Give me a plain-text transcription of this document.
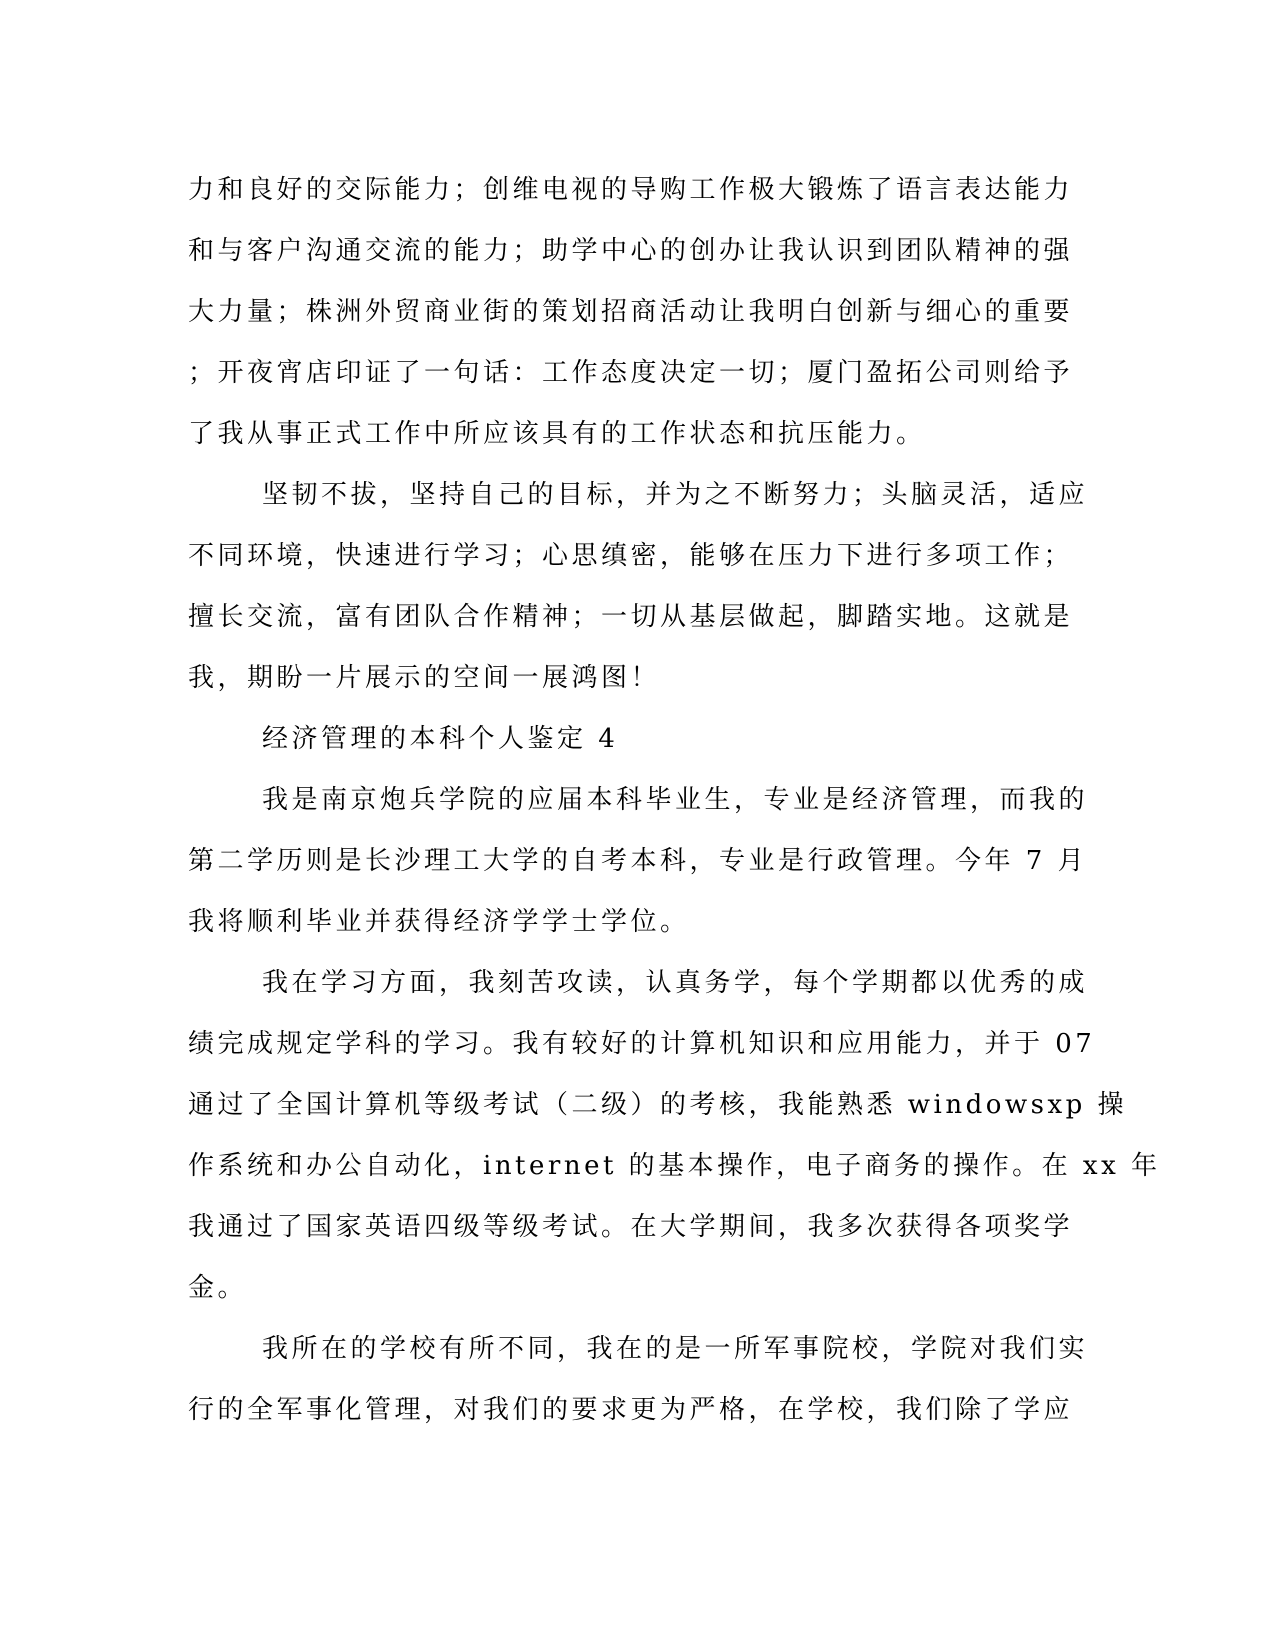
力和良好的交际能力；创维电视的导购工作极大锻炼了语言表达能力
和与客户沟通交流的能力；助学中心的创办让我认识到团队精神的强
大力量；株洲外贸商业街的策划招商活动让我明白创新与细心的重要
；开夜宵店印证了一句话：工作态度决定一切；厦门盈拓公司则给予
了我从事正式工作中所应该具有的工作状态和抗压能力。
坚韧不拔，坚持自己的目标，并为之不断努力；头脑灵活，适应
不同环境，快速进行学习；心思缜密，能够在压力下进行多项工作；
擅长交流，富有团队合作精神；一切从基层做起，脚踏实地。这就是
我，期盼一片展示的空间一展鸿图！
经济管理的本科个人鉴定 4
我是南京炮兵学院的应届本科毕业生，专业是经济管理，而我的
第二学历则是长沙理工大学的自考本科，专业是行政管理。今年 7 月
我将顺利毕业并获得经济学学士学位。
我在学习方面，我刻苦攻读，认真务学，每个学期都以优秀的成
绩完成规定学科的学习。我有较好的计算机知识和应用能力，并于 07
通过了全国计算机等级考试（二级）的考核，我能熟悉 windowsxp 操
作系统和办公自动化，internet 的基本操作，电子商务的操作。在 xx 年
我通过了国家英语四级等级考试。在大学期间，我多次获得各项奖学
金。
我所在的学校有所不同，我在的是一所军事院校，学院对我们实
行的全军事化管理，对我们的要求更为严格，在学校，我们除了学应
